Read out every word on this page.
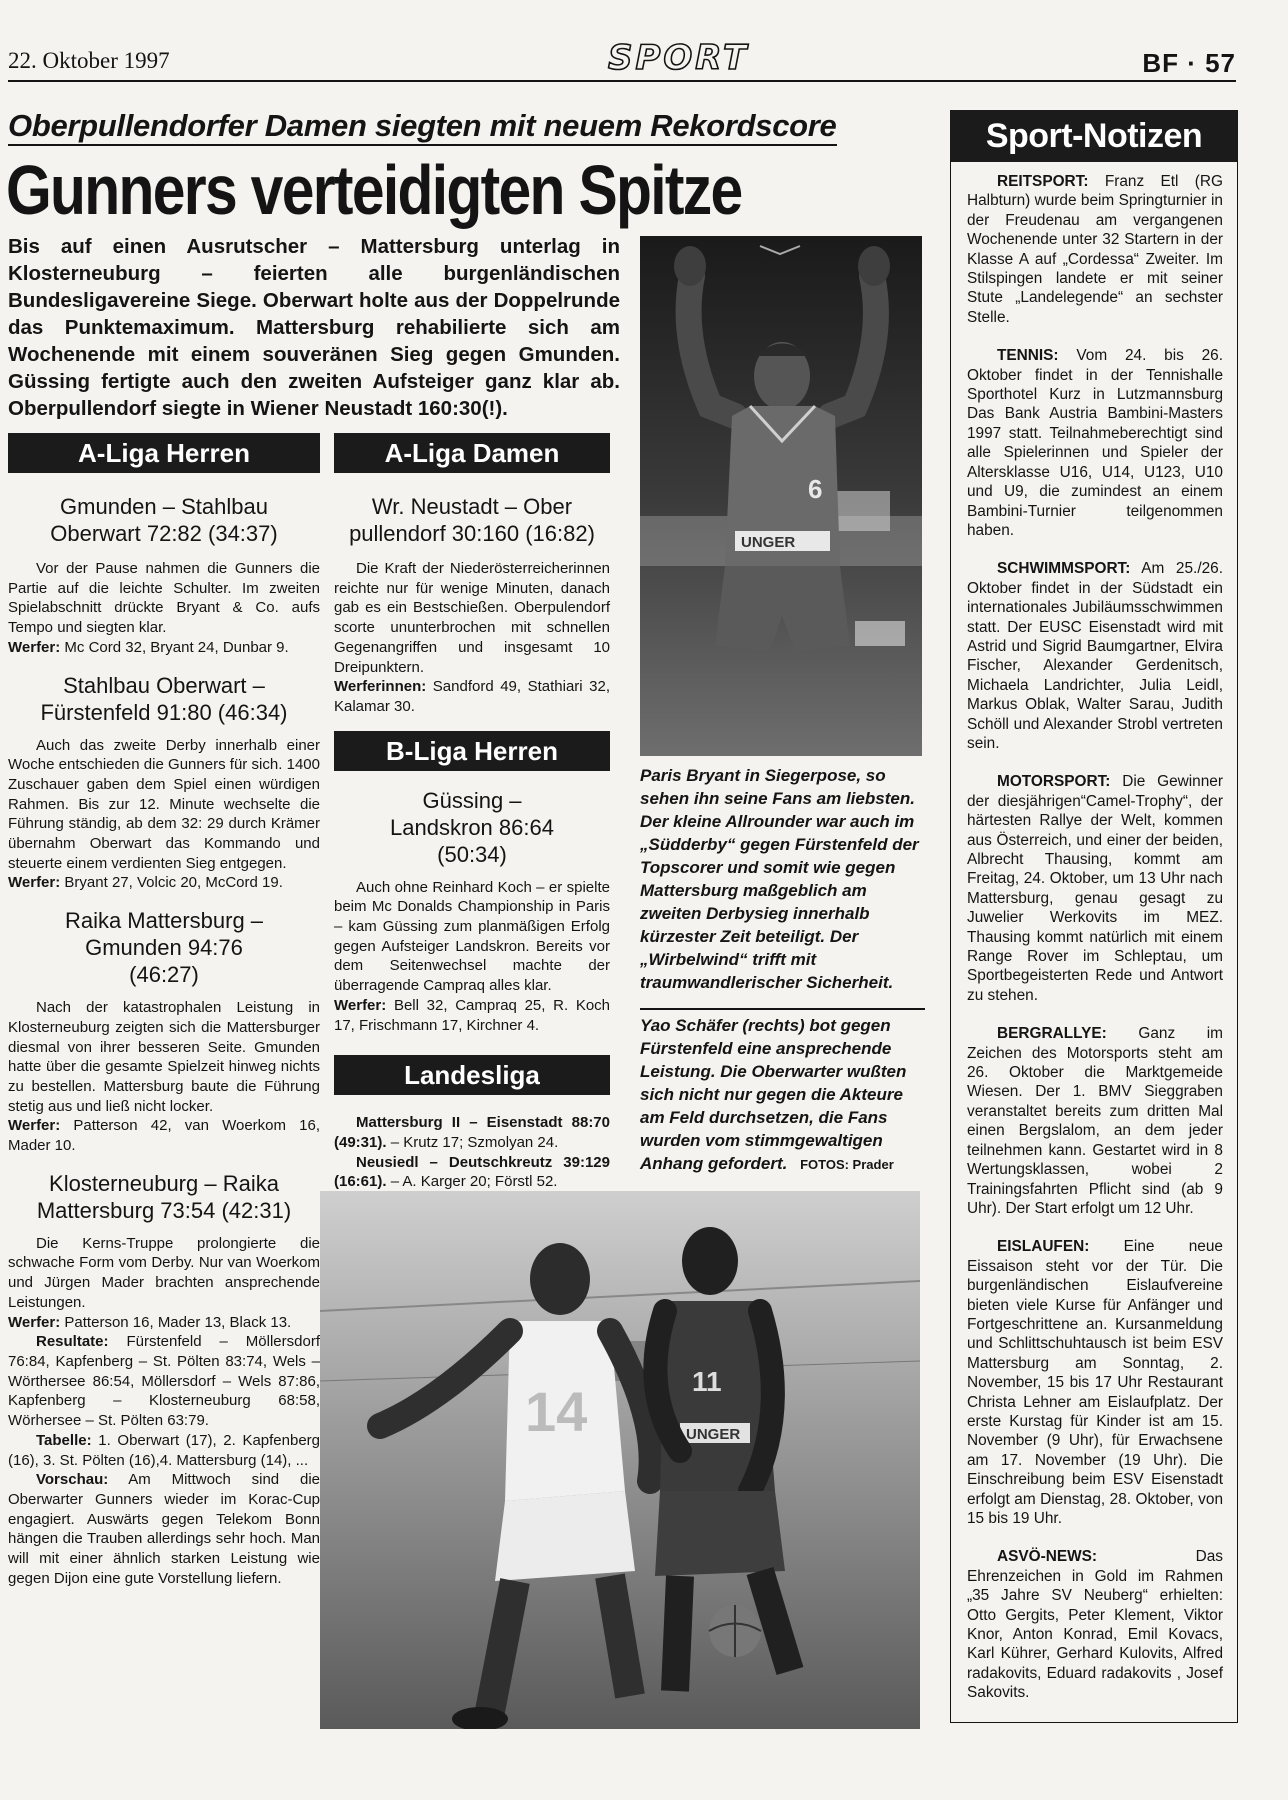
22. Oktober 1997	SPORT	BF · 57
Oberpullendorfer Damen siegten mit neuem Rekordscore
Gunners verteidigten Spitze
Bis auf einen Ausrutscher – Mattersburg unterlag in Klosterneuburg – feierten alle burgenländischen Bundesligavereine Siege. Oberwart holte aus der Doppelrunde das Punktemaximum. Mattersburg rehabilierte sich am Wochenende mit einem souveränen Sieg gegen Gmunden. Güssing fertigte auch den zweiten Aufsteiger ganz klar ab. Oberpullendorf siegte in Wiener Neustadt 160:30(!).
A-Liga Herren
Gmunden – Stahlbau Oberwart 72:82 (34:37)
Vor der Pause nahmen die Gunners die Partie auf die leichte Schulter. Im zweiten Spielabschnitt drückte Bryant & Co. aufs Tempo und siegten klar.
Werfer: Mc Cord 32, Bryant 24, Dunbar 9.
Stahlbau Oberwart – Fürstenfeld 91:80 (46:34)
Auch das zweite Derby innerhalb einer Woche entschieden die Gunners für sich. 1400 Zuschauer gaben dem Spiel einen würdigen Rahmen. Bis zur 12. Minute wechselte die Führung ständig, ab dem 32: 29 durch Krämer übernahm Oberwart das Kommando und steuerte einem verdienten Sieg entgegen.
Werfer: Bryant 27, Volcic 20, McCord 19.
Raika Mattersburg – Gmunden 94:76 (46:27)
Nach der katastrophalen Leistung in Klosterneuburg zeigten sich die Mattersburger diesmal von ihrer besseren Seite. Gmunden hatte über die gesamte Spielzeit hinweg nichts zu bestellen. Mattersburg baute die Führung stetig aus und ließ nicht locker.
Werfer: Patterson 42, van Woerkom 16, Mader 10.
Klosterneuburg – Raika Mattersburg 73:54 (42:31)
Die Kerns-Truppe prolongierte die schwache Form vom Derby. Nur van Woerkom und Jürgen Mader brachten ansprechende Leistungen.
Werfer: Patterson 16, Mader 13, Black 13.
Resultate: Fürstenfeld – Möllersdorf 76:84, Kapfenberg – St. Pölten 83:74, Wels – Wörthersee 86:54, Möllersdorf – Wels 87:86, Kapfenberg – Klosterneuburg 68:58, Wörhersee – St. Pölten 63:79.
Tabelle: 1. Oberwart (17), 2. Kapfenberg (16), 3. St. Pölten (16),4. Mattersburg (14), ...
Vorschau: Am Mittwoch sind die Oberwarter Gunners wieder im Korac-Cup engagiert. Auswärts gegen Telekom Bonn hängen die Trauben allerdings sehr hoch. Man will mit einer ähnlich starken Leistung wie gegen Dijon eine gute Vorstellung liefern.
A-Liga Damen
Wr. Neustadt – Ober pullendorf 30:160 (16:82)
Die Kraft der Niederösterreicherinnen reichte nur für wenige Minuten, danach gab es ein Bestschießen. Oberpulendorf scorte ununterbrochen mit schnellen Gegenangriffen und insgesamt 10 Dreipunktern.
Werferinnen: Sandford 49, Stathiari 32, Kalamar 30.
B-Liga Herren
Güssing – Landskron 86:64 (50:34)
Auch ohne Reinhard Koch – er spielte beim Mc Donalds Championship in Paris – kam Güssing zum planmäßigen Erfolg gegen Aufsteiger Landskron. Bereits vor dem Seitenwechsel machte der überragende Campraq alles klar.
Werfer: Bell 32, Campraq 25, R. Koch 17, Frischmann 17, Kirchner 4.
Landesliga
Mattersburg II – Eisenstadt 88:70 (49:31). – Krutz 17; Szmolyan 24.
Neusiedl – Deutschkreutz 39:129 (16:61). – A. Karger 20; Förstl 52.
6
UNGER
Paris Bryant in Siegerpose, so sehen ihn seine Fans am liebsten. Der kleine Allrounder war auch im „Südderby“ gegen Fürstenfeld der Topscorer und somit wie gegen Mattersburg maßgeblich am zweiten Derbysieg innerhalb kürzester Zeit beteiligt. Der „Wirbelwind“ trifft mit traumwandlerischer Sicherheit.
Yao Schäfer (rechts) bot gegen Fürstenfeld eine ansprechende Leistung. Die Oberwarter wußten sich nicht nur gegen die Akteure am Feld durchsetzen, die Fans wurden vom stimmgewaltigen Anhang gefordert. FOTOS: Prader
14	11
UNGER
Sport-Notizen
REITSPORT: Franz Etl (RG Halbturn) wurde beim Springturnier in der Freudenau am vergangenen Wochenende unter 32 Startern in der Klasse A auf „Cordessa“ Zweiter. Im Stilspingen landete er mit seiner Stute „Landelegende“ an sechster Stelle.
TENNIS: Vom 24. bis 26. Oktober findet in der Tennishalle Sporthotel Kurz in Lutzmannsburg Das Bank Austria Bambini-Masters 1997 statt. Teilnahmeberechtigt sind alle Spielerinnen und Spieler der Altersklasse U16, U14, U123, U10 und U9, die zumindest an einem Bambini-Turnier teilgenommen haben.
SCHWIMMSPORT: Am 25./26. Oktober findet in der Südstadt ein internationales Jubiläumsschwimmen statt. Der EUSC Eisenstadt wird mit Astrid und Sigrid Baumgartner, Elvira Fischer, Alexander Gerdenitsch, Michaela Landrichter, Julia Leidl, Markus Oblak, Walter Sarau, Judith Schöll und Alexander Strobl vertreten sein.
MOTORSPORT: Die Gewinner der diesjährigen“Camel-Trophy“, der härtesten Rallye der Welt, kommen aus Österreich, und einer der beiden, Albrecht Thausing, kommt am Freitag, 24. Oktober, um 13 Uhr nach Mattersburg, genau gesagt zu Juwelier Werkovits im MEZ. Thausing kommt natürlich mit einem Range Rover im Schleptau, um Sportbegeisterten Rede und Antwort zu stehen.
BERGRALLYE: Ganz im Zeichen des Motorsports steht am 26. Oktober die Marktgemeide Wiesen. Der 1. BMV Sieggraben veranstaltet bereits zum dritten Mal einen Bergslalom, an dem jeder teilnehmen kann. Gestartet wird in 8 Wertungsklassen, wobei 2 Trainingsfahrten Pflicht sind (ab 9 Uhr). Der Start erfolgt um 12 Uhr.
EISLAUFEN: Eine neue Eissaison steht vor der Tür. Die burgenländischen Eislaufvereine bieten viele Kurse für Anfänger und Fortgeschrittene an. Kursanmeldung und Schlittschuhtausch ist beim ESV Mattersburg am Sonntag, 2. November, 15 bis 17 Uhr Restaurant Christa Lehner am Eislaufplatz. Der erste Kurstag für Kinder ist am 15. November (9 Uhr), für Erwachsene am 17. November (19 Uhr). Die Einschreibung beim ESV Eisenstadt erfolgt am Dienstag, 28. Oktober, von 15 bis 19 Uhr.
ASVÖ-NEWS:	Das Ehrenzeichen in Gold im Rahmen „35 Jahre SV Neuberg“ erhielten: Otto Gergits, Peter Klement, Viktor Knor, Anton Konrad, Emil Kovacs, Karl Kührer, Gerhard Kulovits, Alfred radakovits, Eduard radakovits , Josef Sakovits.
